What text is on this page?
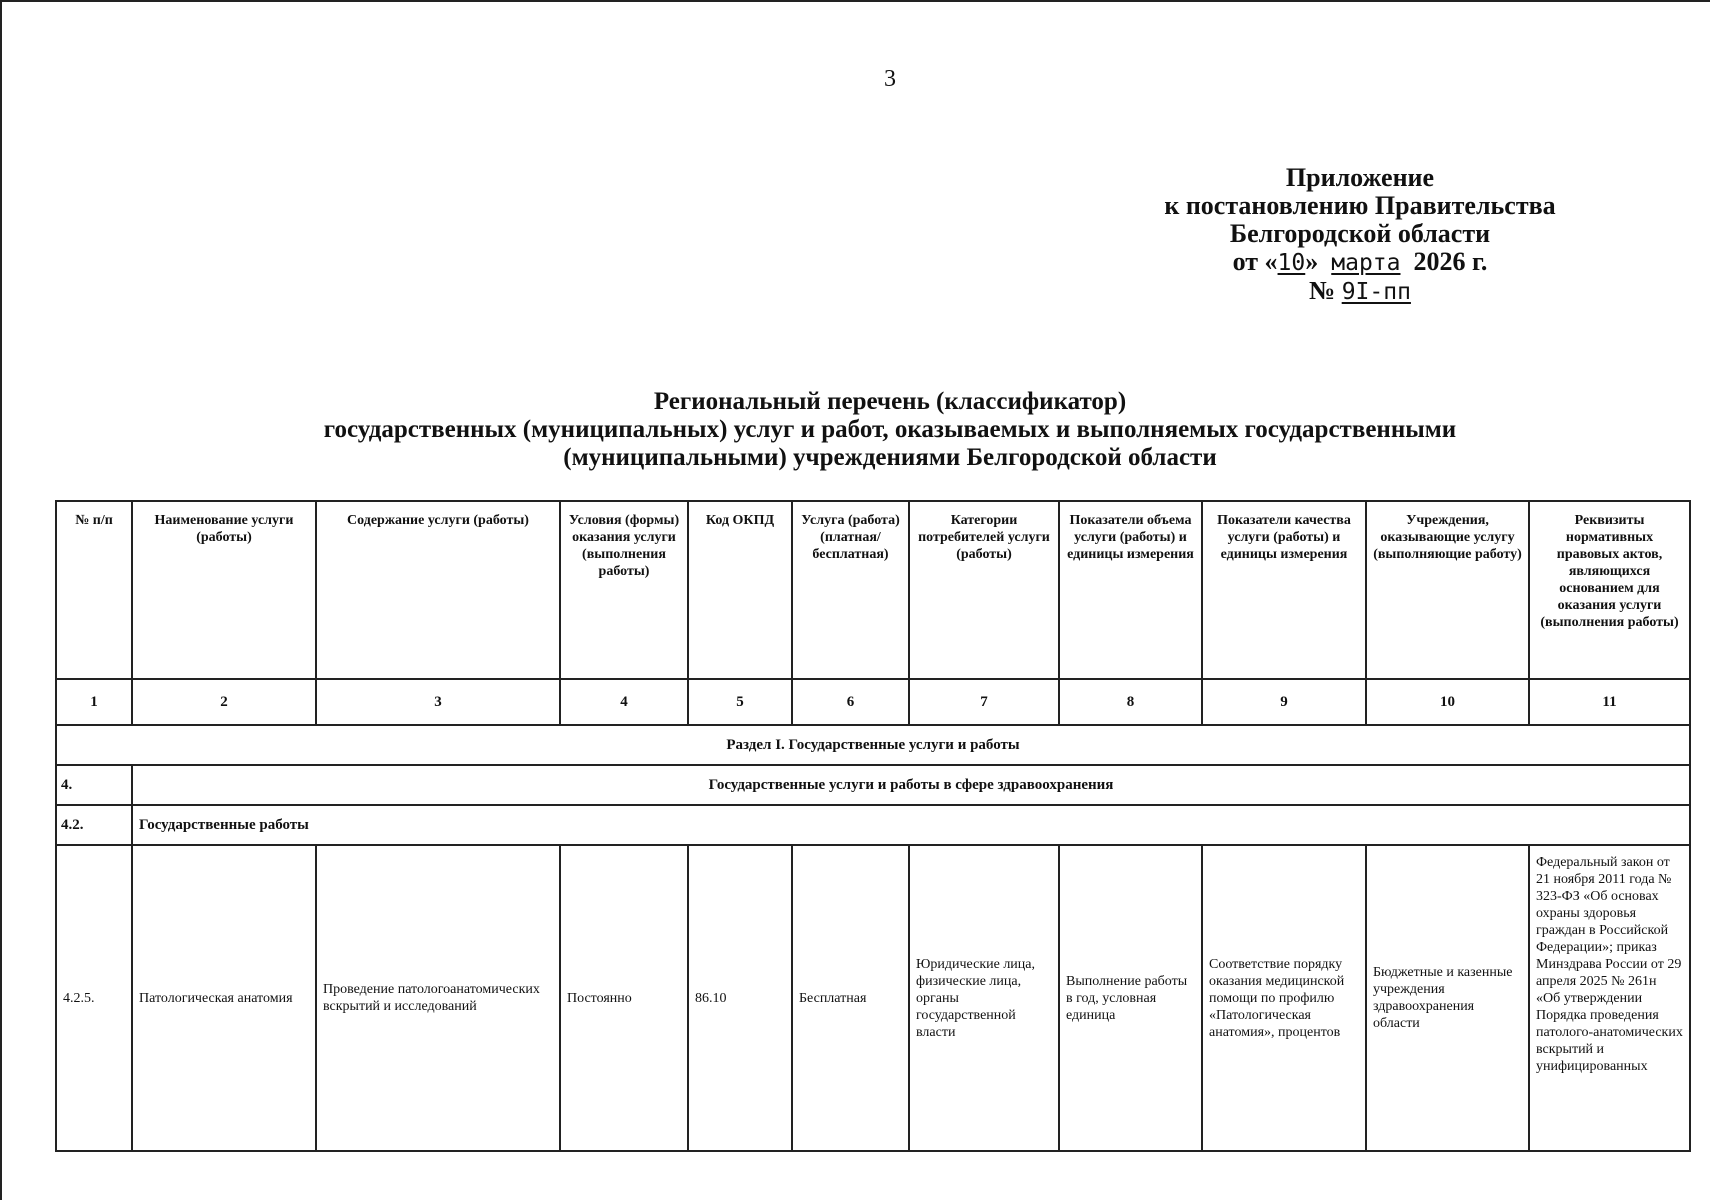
3
Приложение
к постановлению Правительства
Белгородской области
от «10» марта 2026 г.
№ 9I-пп
Региональный перечень (классификатор)
государственных (муниципальных) услуг и работ, оказываемых и выполняемых государственными
(муниципальными) учреждениями Белгородской области
№ п/п	Наименование услуги (работы)	Содержание услуги (работы)	Условия (формы) оказания услуги (выполнения работы)	Код ОКПД	Услуга (работа) (платная/ бесплатная)	Категории потребителей услуги (работы)	Показатели объема услуги (работы) и единицы измерения	Показатели качества услуги (работы) и единицы измерения	Учреждения, оказывающие услугу (выполняющие работу)	Реквизиты нормативных правовых актов, являющихся основанием для оказания услуги (выполнения работы)
1	2	3	4	5	6	7	8	9	10	11
Раздел I. Государственные услуги и работы										
4.	Государственные услуги и работы в сфере здравоохранения									
4.2.	Государственные работы									
4.2.5.	Патологическая анатомия	Проведение патологоанатомических вскрытий и исследований	Постоянно	86.10	Бесплатная	Юридические лица, физические лица, органы государственной власти	Выполнение работы в год, условная единица	Соответствие порядку оказания медицинской помощи по профилю «Патологическая анатомия», процентов	Бюджетные и казенные учреждения здравоохранения области	Федеральный закон от 21 ноября 2011 года № 323-ФЗ «Об основах охраны здоровья граждан в Российской Федерации»; приказ Минздрава России от 29 апреля 2025 № 261н «Об утверждении Порядка проведения патолого-анатомических вскрытий и унифицированных
